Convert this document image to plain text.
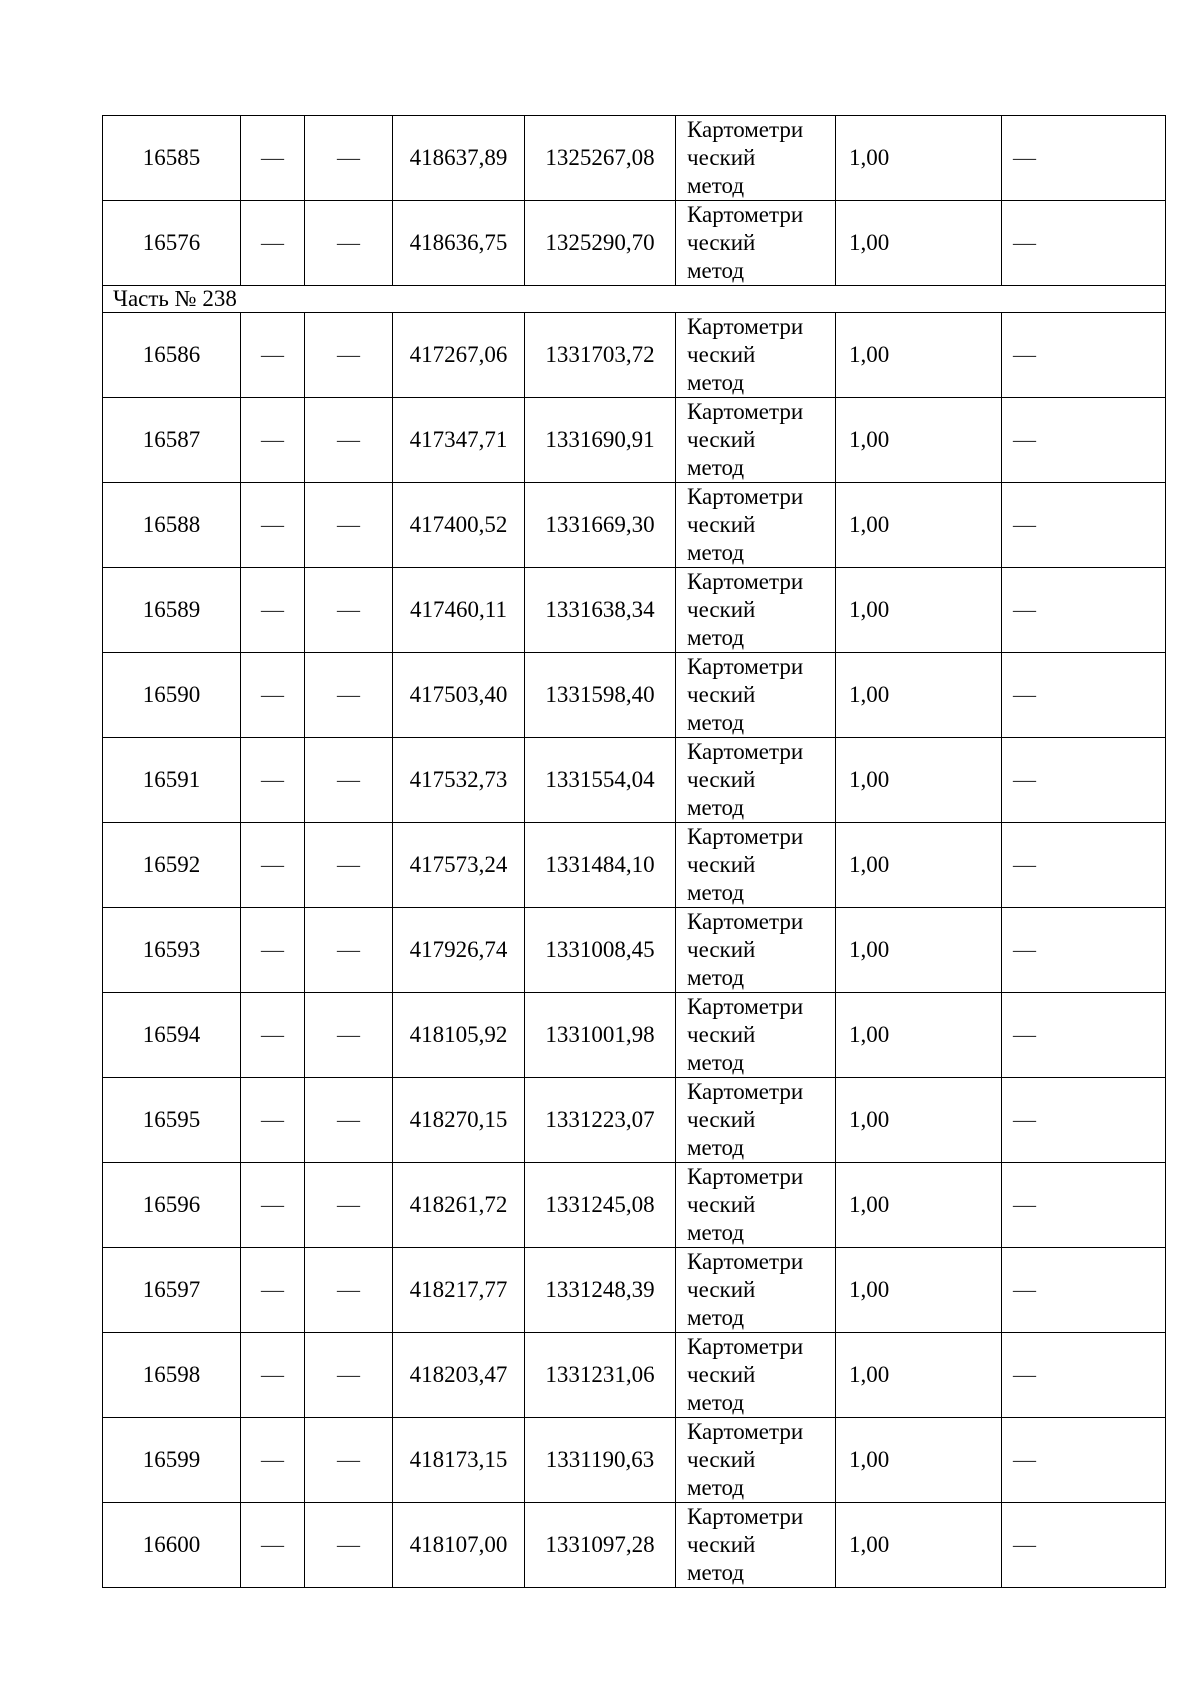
16585	—	—	418637,89	1325267,08	Картометри
ческий
метод	1,00	—
16576	—	—	418636,75	1325290,70	Картометри
ческий
метод	1,00	—
Часть № 238							
16586	—	—	417267,06	1331703,72	Картометри
ческий
метод	1,00	—
16587	—	—	417347,71	1331690,91	Картометри
ческий
метод	1,00	—
16588	—	—	417400,52	1331669,30	Картометри
ческий
метод	1,00	—
16589	—	—	417460,11	1331638,34	Картометри
ческий
метод	1,00	—
16590	—	—	417503,40	1331598,40	Картометри
ческий
метод	1,00	—
16591	—	—	417532,73	1331554,04	Картометри
ческий
метод	1,00	—
16592	—	—	417573,24	1331484,10	Картометри
ческий
метод	1,00	—
16593	—	—	417926,74	1331008,45	Картометри
ческий
метод	1,00	—
16594	—	—	418105,92	1331001,98	Картометри
ческий
метод	1,00	—
16595	—	—	418270,15	1331223,07	Картометри
ческий
метод	1,00	—
16596	—	—	418261,72	1331245,08	Картометри
ческий
метод	1,00	—
16597	—	—	418217,77	1331248,39	Картометри
ческий
метод	1,00	—
16598	—	—	418203,47	1331231,06	Картометри
ческий
метод	1,00	—
16599	—	—	418173,15	1331190,63	Картометри
ческий
метод	1,00	—
16600	—	—	418107,00	1331097,28	Картометри
ческий
метод	1,00	—
